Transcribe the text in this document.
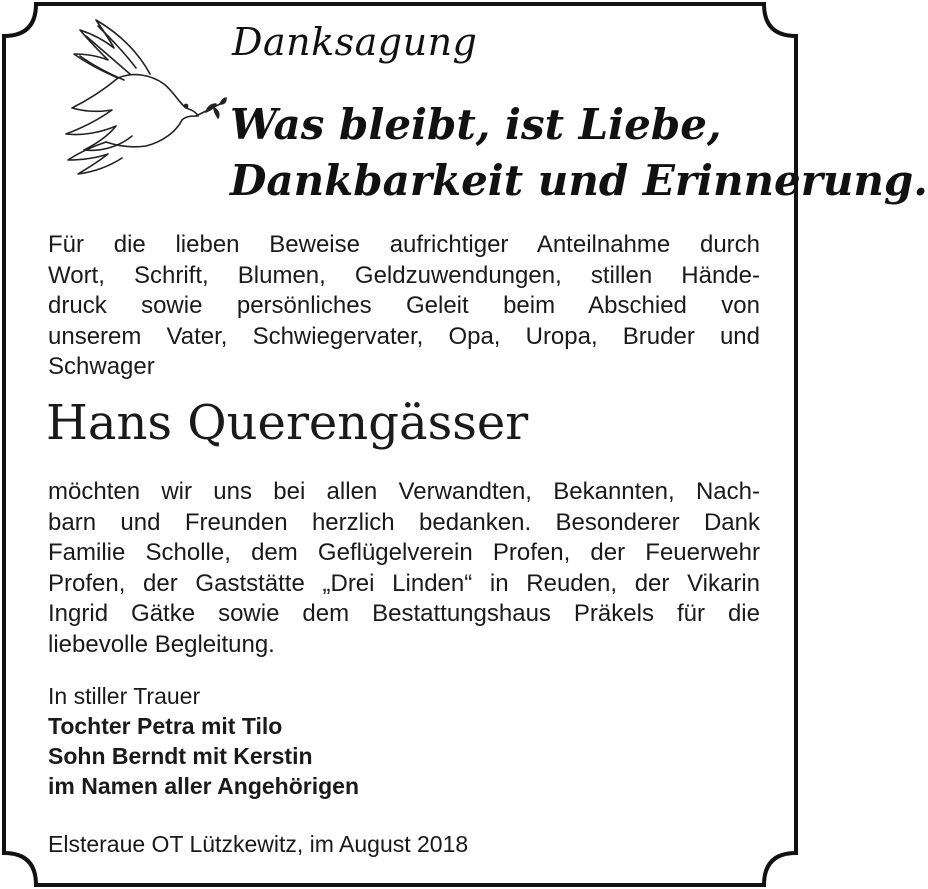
Danksagung
Was bleibt, ist Liebe,
Dankbarkeit und Erinnerung.

Für die lieben Beweise aufrichtiger Anteilnahme durch
Wort, Schrift, Blumen, Geldzuwendungen, stillen Hände-
druck sowie persönliches Geleit beim Abschied von
unserem Vater, Schwiegervater, Opa, Uropa, Bruder und
Schwager

Hans Querengässer

möchten wir uns bei allen Verwandten, Bekannten, Nach-
barn und Freunden herzlich bedanken. Besonderer Dank
Familie Scholle, dem Geflügelverein Profen, der Feuerwehr
Profen, der Gaststätte „Drei Linden“ in Reuden, der Vikarin
Ingrid Gätke sowie dem Bestattungshaus Präkels für die
liebevolle Begleitung.

In stiller Trauer
Tochter Petra mit Tilo
Sohn Berndt mit Kerstin
im Namen aller Angehörigen
Elsteraue OT Lützkewitz, im August 2018
